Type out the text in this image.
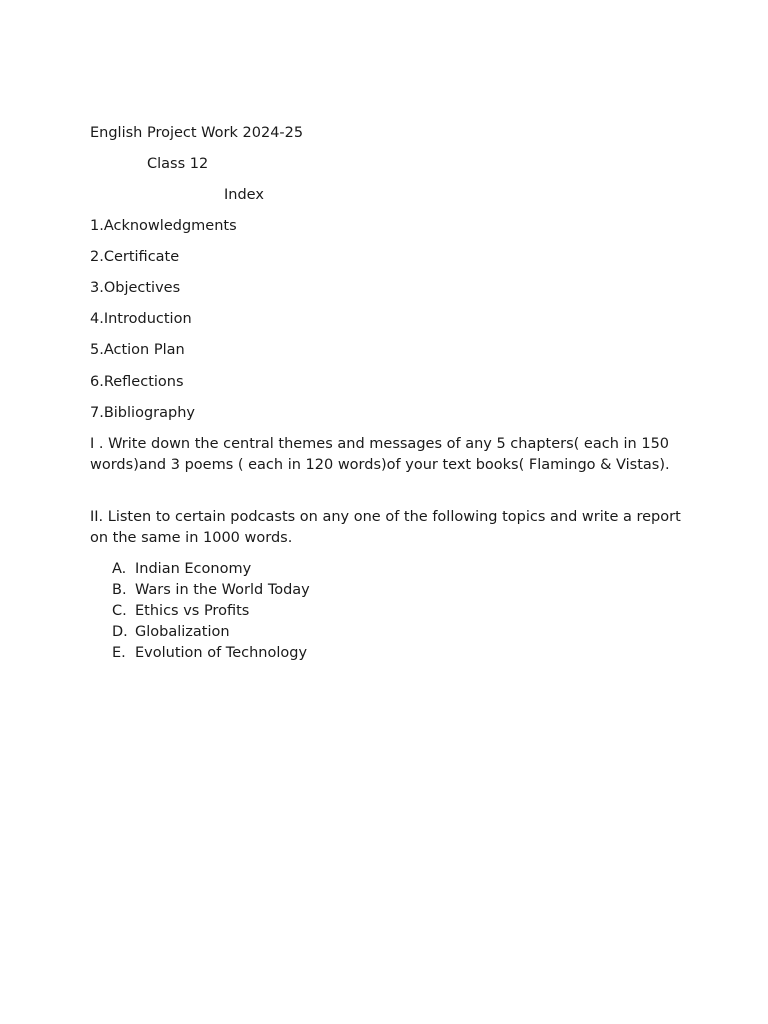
English Project Work 2024-25
Class 12
Index
1.Acknowledgments
2.Certificate
3.Objectives
4.Introduction
5.Action Plan
6.Reflections
7.Bibliography
I . Write down the central themes and messages of any 5 chapters( each in 150 words)and 3 poems ( each in 120 words)of your text books( Flamingo & Vistas).
II. Listen to certain podcasts on any one of the following topics and write a report on the same in 1000 words.
A. Indian Economy
B. Wars in the World Today
C. Ethics vs Profits
D. Globalization
E. Evolution of Technology
